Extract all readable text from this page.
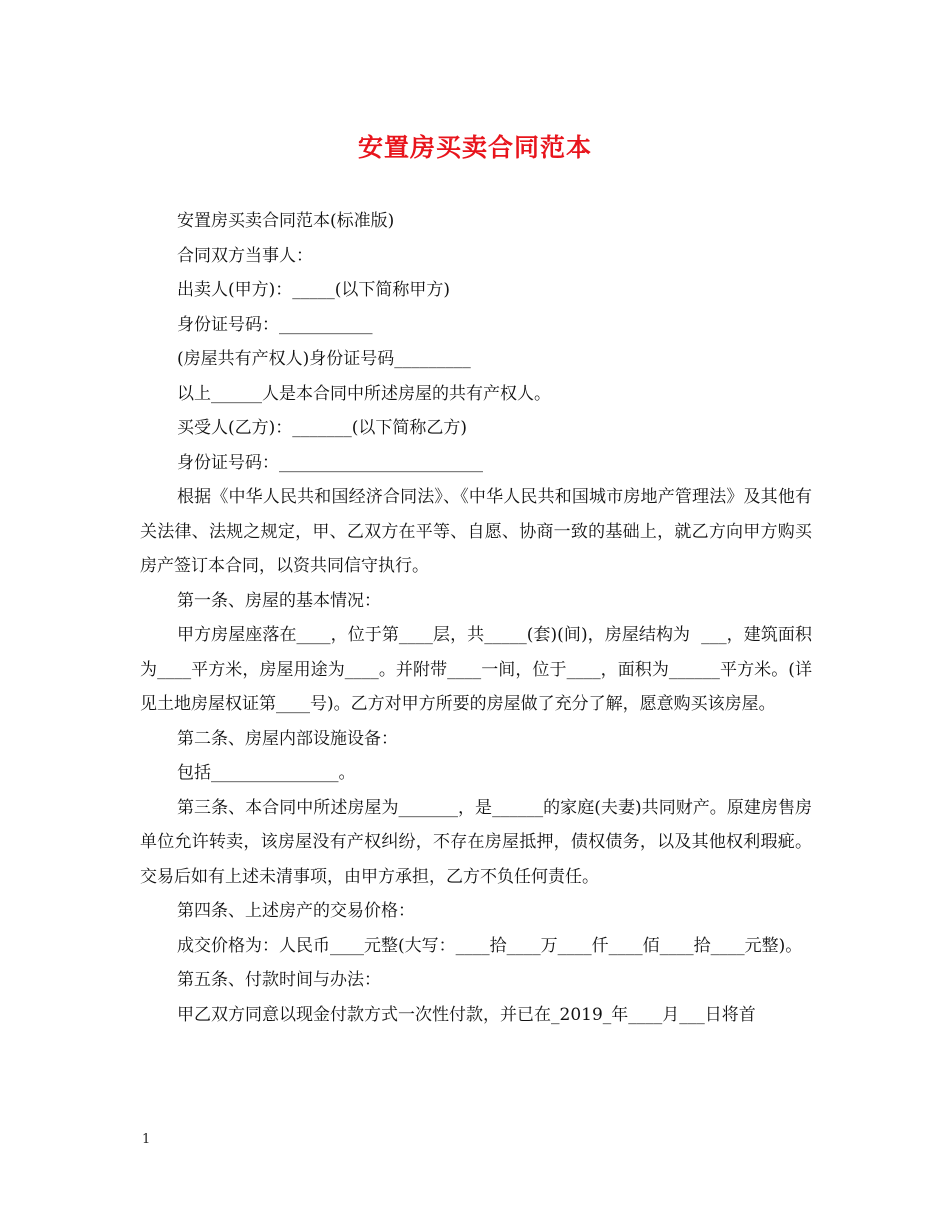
安置房买卖合同范本

安置房买卖合同范本(标准版)

合同双方当事人：

出卖人(甲方)：_____(以下简称甲方)

身份证号码：___________

(房屋共有产权人)身份证号码_________

以上______人是本合同中所述房屋的共有产权人。

买受人(乙方)：_______(以下简称乙方)

身份证号码：________________________

根据《中华人民共和国经济合同法》、《中华人民共和国城市房地产管理法》及其他有关法律、法规之规定，甲、乙双方在平等、自愿、协商一致的基础上，就乙方向甲方购买房产签订本合同，以资共同信守执行。

第一条、房屋的基本情况：

甲方房屋座落在____，位于第____层，共_____(套)(间)，房屋结构为  ___，建筑面积为____平方米，房屋用途为____。并附带____一间，位于____，面积为______平方米。(详见土地房屋权证第____号)。乙方对甲方所要的房屋做了充分了解，愿意购买该房屋。

第二条、房屋内部设施设备：

包括_______________。

第三条、本合同中所述房屋为_______，是______的家庭(夫妻)共同财产。原建房售房单位允许转卖，该房屋没有产权纠纷，不存在房屋抵押，债权债务，以及其他权利瑕疵。交易后如有上述未清事项，由甲方承担，乙方不负任何责任。

第四条、上述房产的交易价格：

成交价格为：人民币____元整(大写：____拾____万____仟____佰____拾____元整)。

第五条、付款时间与办法：

甲乙双方同意以现金付款方式一次性付款，并已在_2019_年____月___日将首

1
